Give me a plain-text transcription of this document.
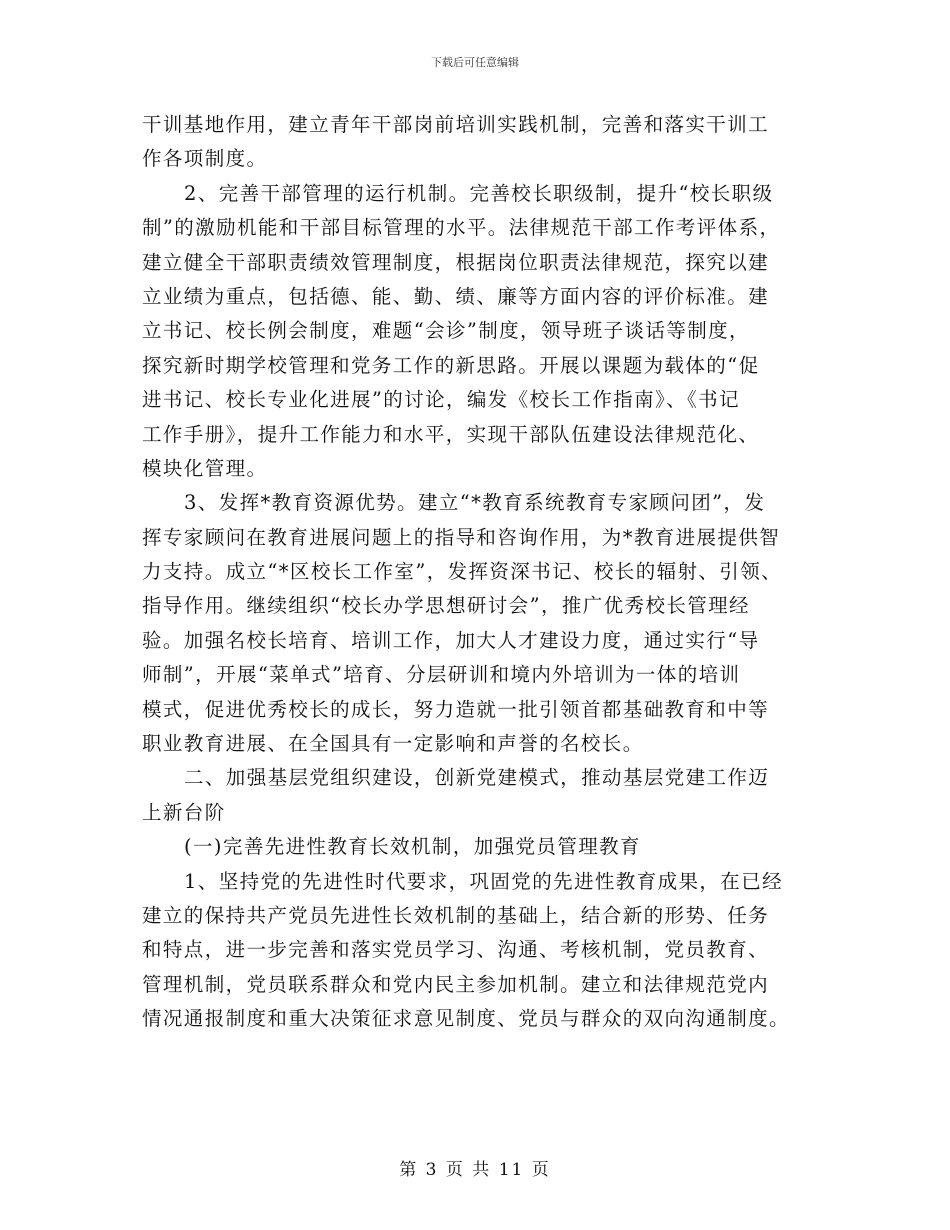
下载后可任意编辑
干训基地作用，建立青年干部岗前培训实践机制，完善和落实干训工
作各项制度。
2、完善干部管理的运行机制。完善校长职级制，提升“校长职级
制”的激励机能和干部目标管理的水平。法律规范干部工作考评体系，
建立健全干部职责绩效管理制度，根据岗位职责法律规范，探究以建
立业绩为重点，包括德、能、勤、绩、廉等方面内容的评价标准。建
立书记、校长例会制度，难题“会诊”制度，领导班子谈话等制度，
探究新时期学校管理和党务工作的新思路。开展以课题为载体的“促
进书记、校长专业化进展”的讨论，编发《校长工作指南》、《书记
工作手册》，提升工作能力和水平，实现干部队伍建设法律规范化、
模块化管理。
3、发挥*教育资源优势。建立“*教育系统教育专家顾问团”，发
挥专家顾问在教育进展问题上的指导和咨询作用，为*教育进展提供智
力支持。成立“*区校长工作室”，发挥资深书记、校长的辐射、引领、
指导作用。继续组织“校长办学思想研讨会”，推广优秀校长管理经
验。加强名校长培育、培训工作，加大人才建设力度，通过实行“导
师制”，开展“菜单式”培育、分层研训和境内外培训为一体的培训
模式，促进优秀校长的成长，努力造就一批引领首都基础教育和中等
职业教育进展、在全国具有一定影响和声誉的名校长。
二、加强基层党组织建设，创新党建模式，推动基层党建工作迈
上新台阶
(一)完善先进性教育长效机制，加强党员管理教育
1、坚持党的先进性时代要求，巩固党的先进性教育成果，在已经
建立的保持共产党员先进性长效机制的基础上，结合新的形势、任务
和特点，进一步完善和落实党员学习、沟通、考核机制，党员教育、
管理机制，党员联系群众和党内民主参加机制。建立和法律规范党内
情况通报制度和重大决策征求意见制度、党员与群众的双向沟通制度。
第 3 页 共 11 页
